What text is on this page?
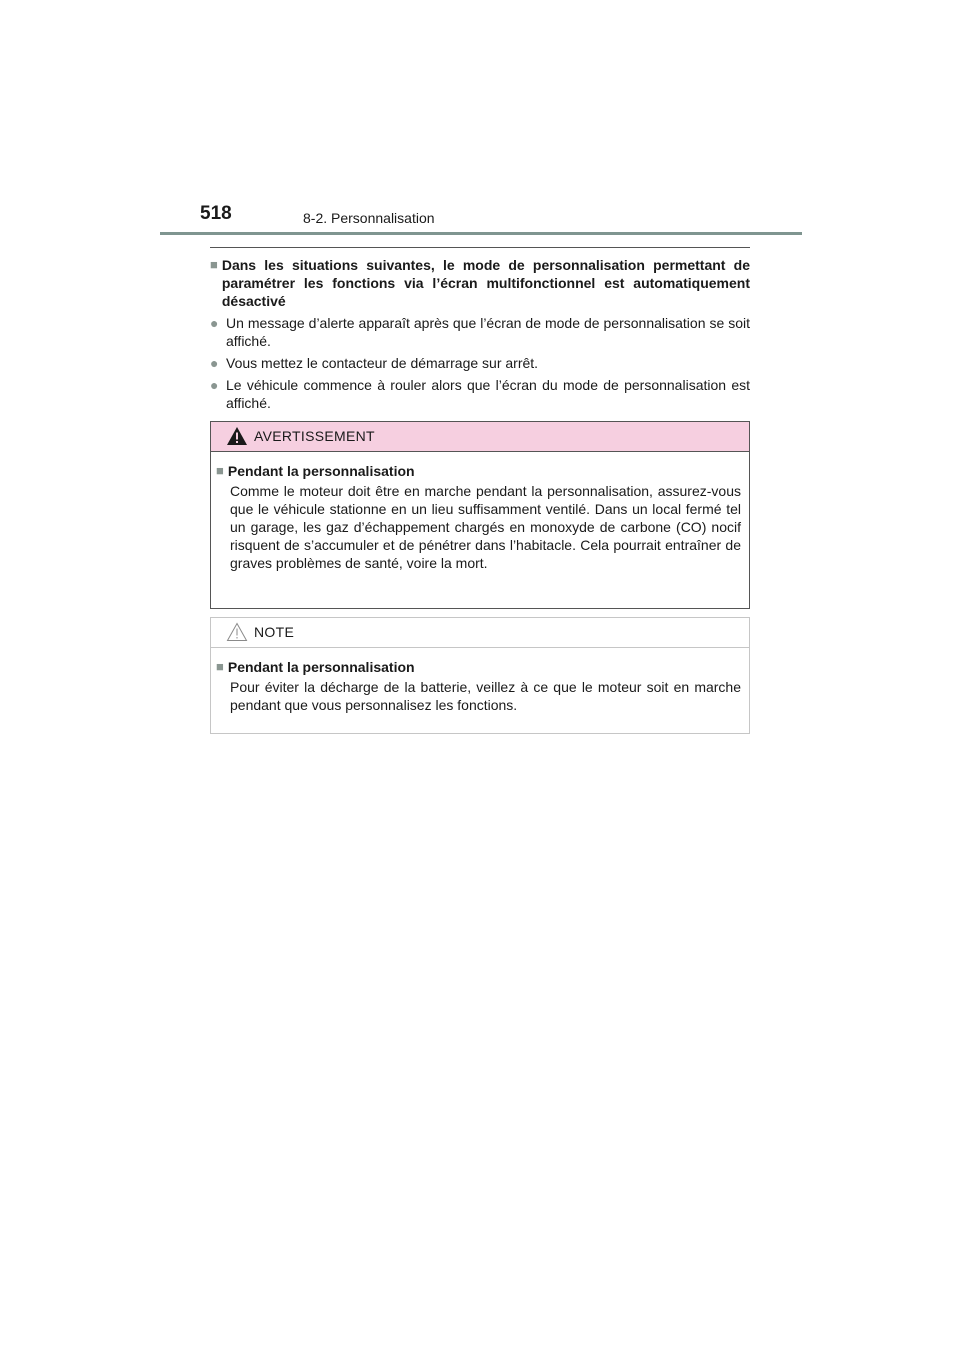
518	8-2. Personnalisation
■ Dans les situations suivantes, le mode de personnalisation permettant de paramétrer les fonctions via l’écran multifonctionnel est automatiquement désactivé
● Un message d’alerte apparaît après que l’écran de mode de personnalisation se soit affiché.
● Vous mettez le contacteur de démarrage sur arrêt.
● Le véhicule commence à rouler alors que l’écran du mode de personnalisation est affiché.
AVERTISSEMENT
■ Pendant la personnalisation
Comme le moteur doit être en marche pendant la personnalisation, assurez-vous que le véhicule stationne en un lieu suffisamment ventilé. Dans un local fermé tel un garage, les gaz d’échappement chargés en monoxyde de carbone (CO) nocif risquent de s’accumuler et de pénétrer dans l’habitacle. Cela pourrait entraîner de graves problèmes de santé, voire la mort.
NOTE
■ Pendant la personnalisation
Pour éviter la décharge de la batterie, veillez à ce que le moteur soit en marche pendant que vous personnalisez les fonctions.
